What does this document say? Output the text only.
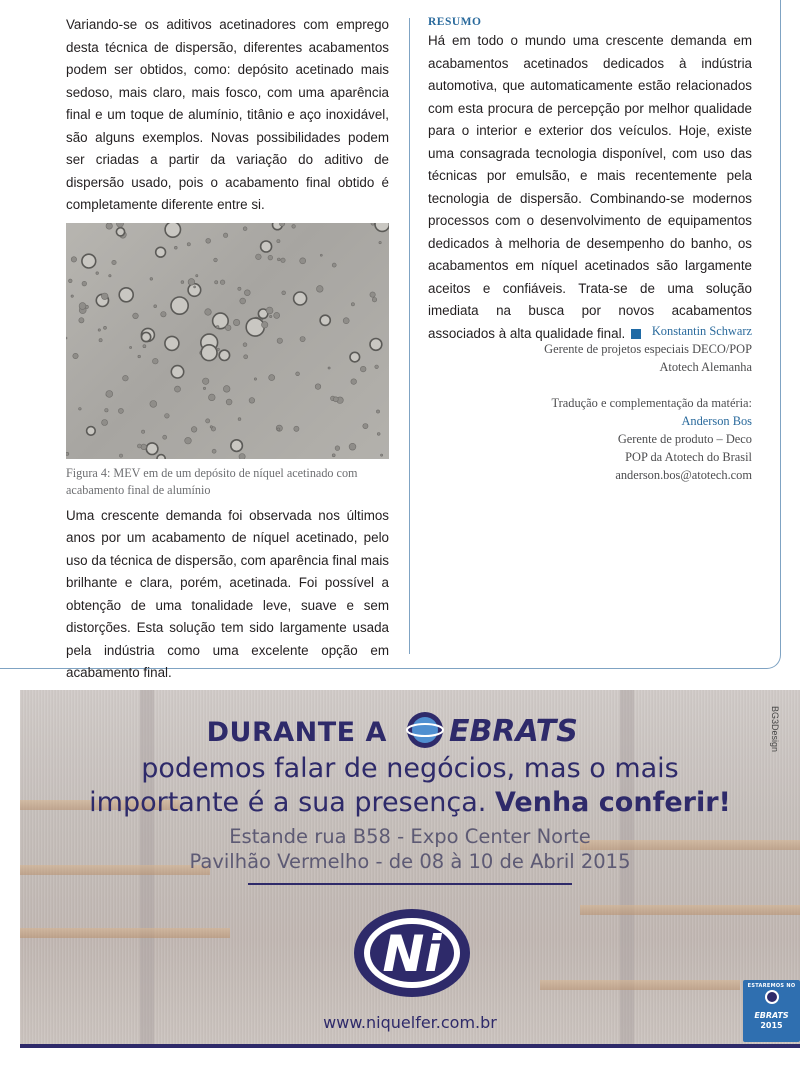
Variando-se os aditivos acetinadores com emprego desta técnica de dispersão, diferentes acabamentos podem ser obtidos, como: depósito acetinado mais sedoso, mais claro, mais fosco, com uma aparência final e um toque de alumínio, titânio e aço inoxidável, são alguns exemplos. Novas possibilidades podem ser criadas a partir da variação do aditivo de dispersão usado, pois o acabamento final obtido é completamente diferente entre si.

Figura 4: MEV em de um depósito de níquel acetinado com acabamento final de alumínio

Uma crescente demanda foi observada nos últimos anos por um acabamento de níquel acetinado, pelo uso da técnica de dispersão, com aparência final mais brilhante e clara, porém, acetinada. Foi possível a obtenção de uma tonalidade leve, suave e sem distorções. Esta solução tem sido largamente usada pela indústria como uma excelente opção em acabamento final.

RESUMO

Há em todo o mundo uma crescente demanda em acabamentos acetinados dedicados à indústria automotiva, que automaticamente estão relacionados com esta procura de percepção por melhor qualidade para o interior e exterior dos veículos. Hoje, existe uma consagrada tecnologia disponível, com uso das técnicas por emulsão, e mais recentemente pela tecnologia de dispersão. Combinando-se modernos processos com o desenvolvimento de equipamentos dedicados à melhoria de desempenho do banho, os acabamentos em níquel acetinados são largamente aceitos e confiáveis. Trata-se de uma solução imediata na busca por novos acabamentos associados à alta qualidade final.	Konstantin Schwarz
Gerente de projetos especiais DECO/POP
Atotech Alemanha
Tradução e complementação da matéria:
Anderson Bos
Gerente de produto – Deco
POP da Atotech do Brasil
anderson.bos@atotech.com
DURANTE A EBRATS
podemos falar de negócios, mas o mais
importante é a sua presença. Venha conferir!
Estande rua B58 - Expo Center Norte
Pavilhão Vermelho - de 08 à 10 de Abril 2015
Ni
www.niquelfer.com.br
BG3Design
ESTAREMOS NO
EBRATS
2015
